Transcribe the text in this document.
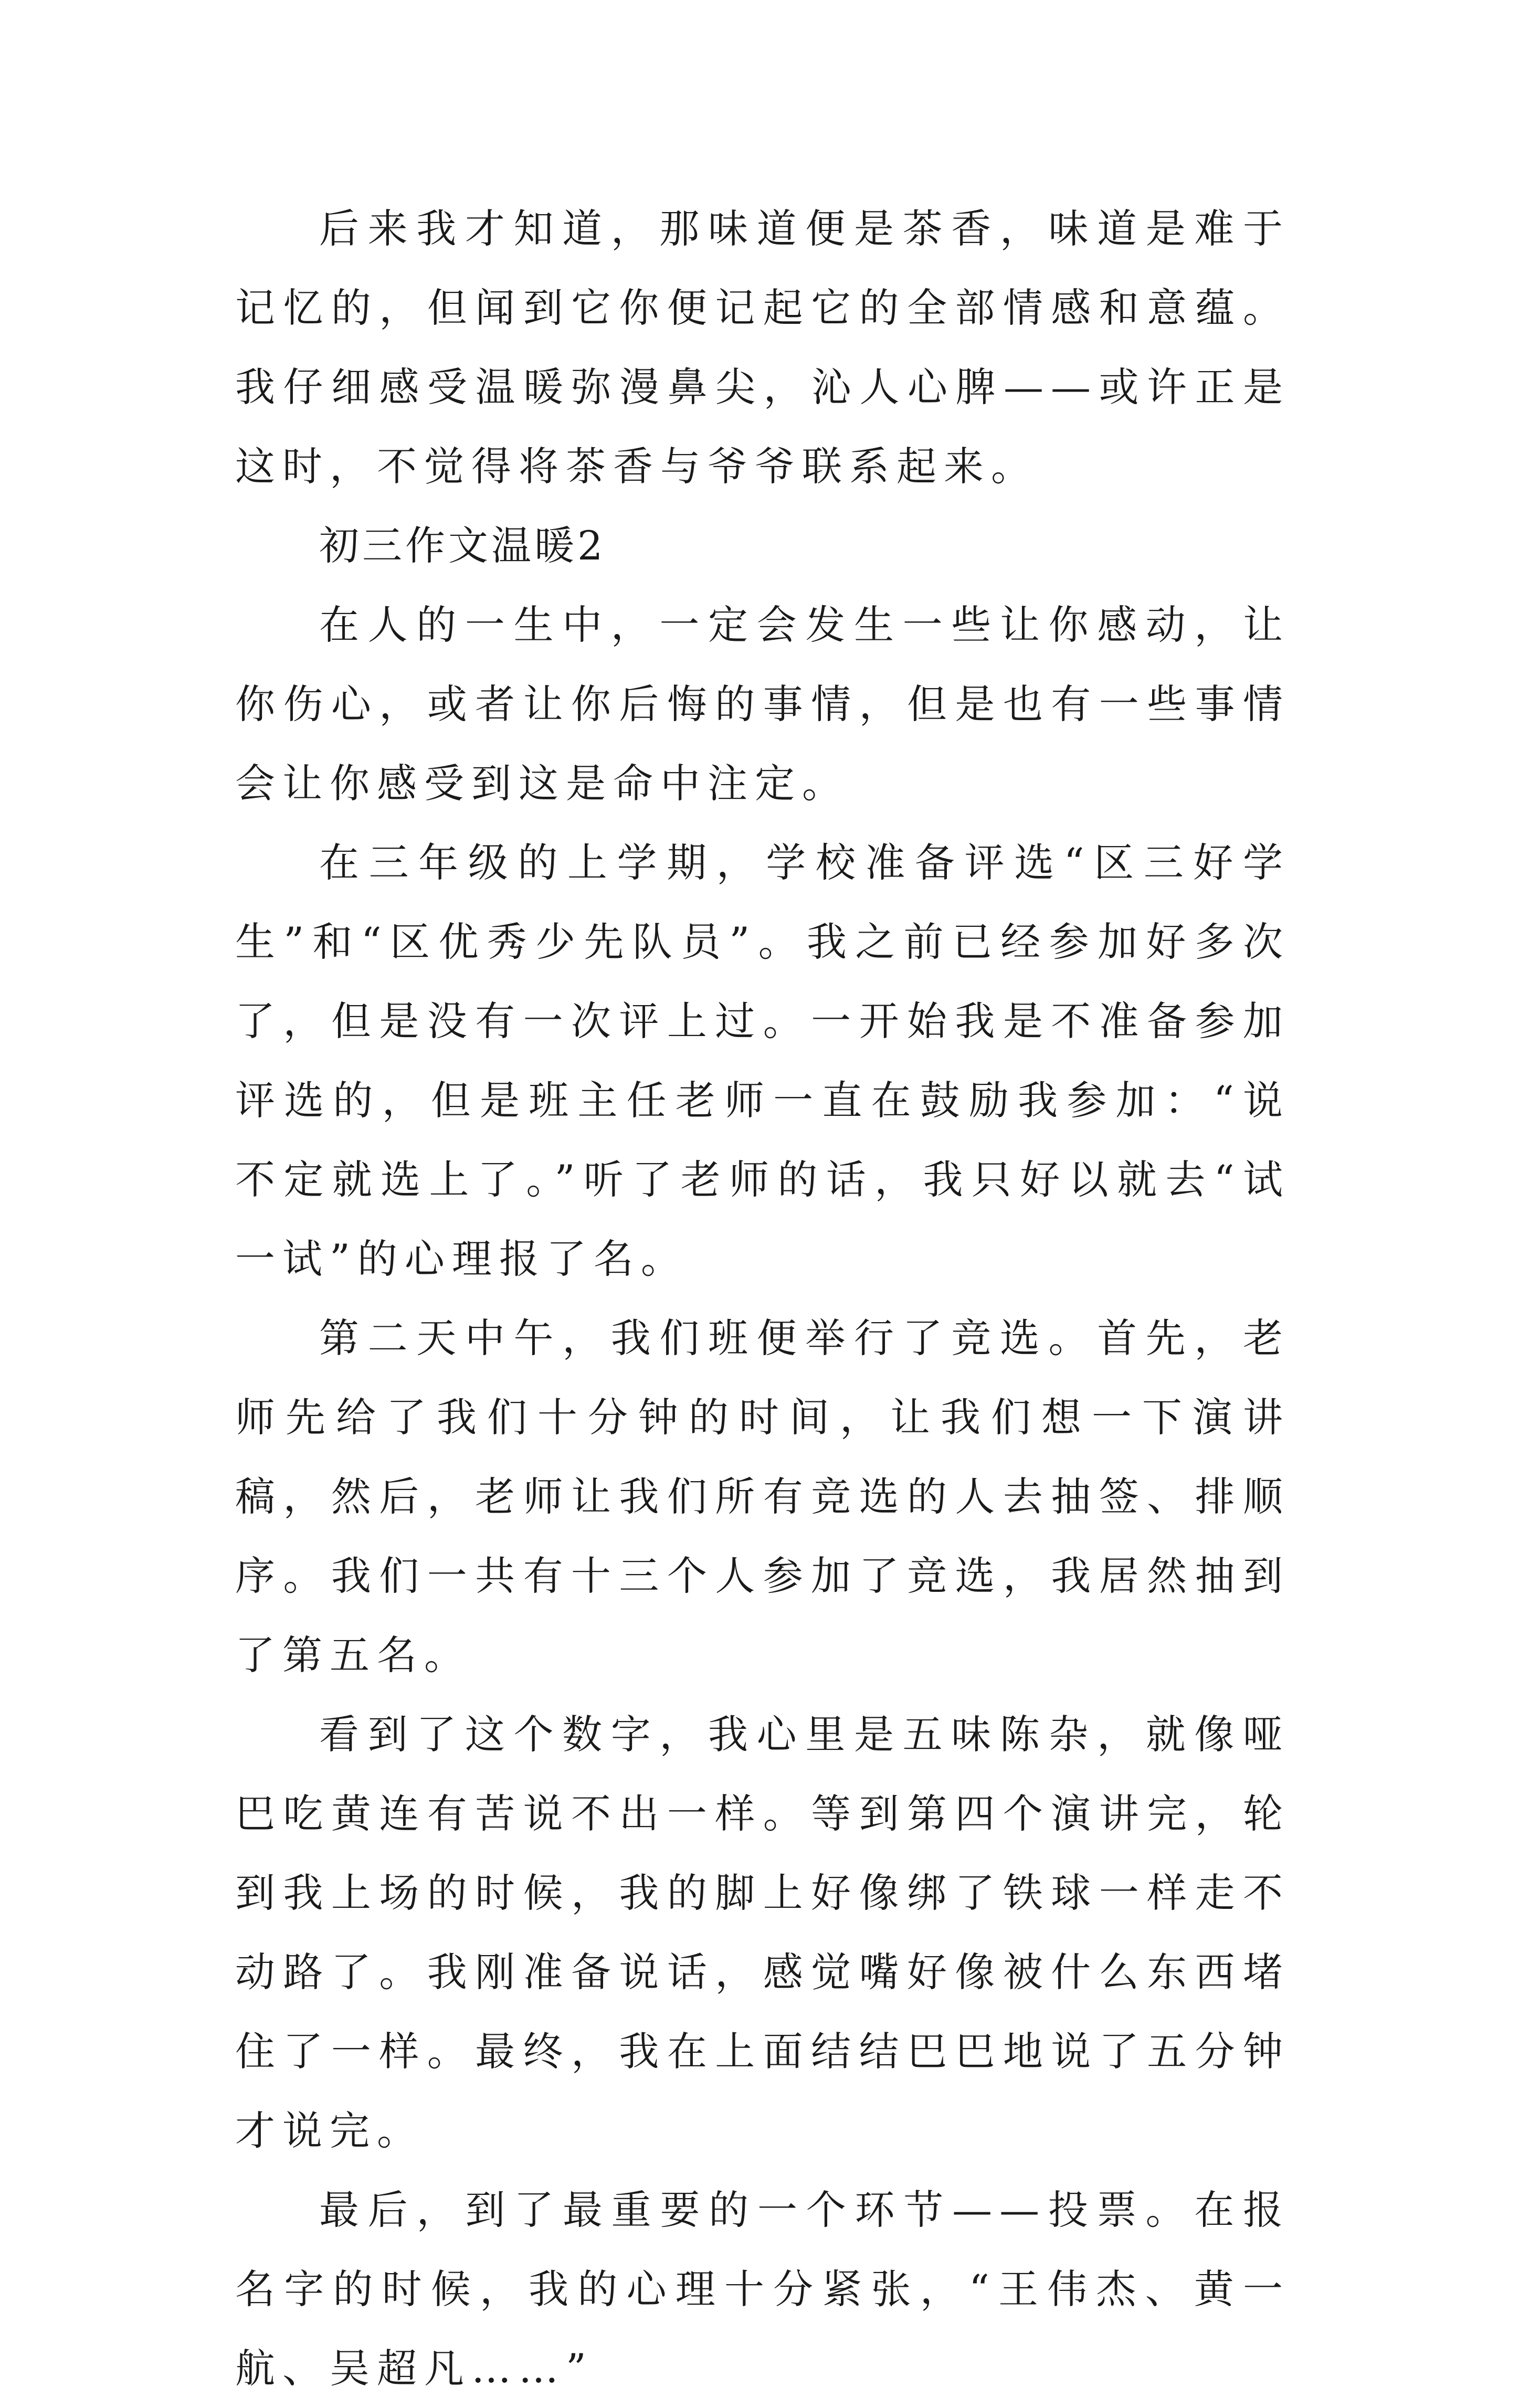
后来我才知道，那味道便是茶香，味道是难于记忆的，但闻到它你便记起它的全部情感和意蕴。我仔细感受温暖弥漫鼻尖，沁人心脾——或许正是这时，不觉得将茶香与爷爷联系起来。

初三作文温暖2

在人的一生中，一定会发生一些让你感动，让你伤心，或者让你后悔的事情，但是也有一些事情会让你感受到这是命中注定。

在三年级的上学期，学校准备评选“区三好学生”和“区优秀少先队员”。我之前已经参加好多次了，但是没有一次评上过。一开始我是不准备参加评选的，但是班主任老师一直在鼓励我参加：“说不定就选上了。”听了老师的话，我只好以就去“试一试”的心理报了名。

第二天中午，我们班便举行了竞选。首先，老师先给了我们十分钟的时间，让我们想一下演讲稿，然后，老师让我们所有竞选的人去抽签、排顺序。我们一共有十三个人参加了竞选，我居然抽到了第五名。

看到了这个数字，我心里是五味陈杂，就像哑巴吃黄连有苦说不出一样。等到第四个演讲完，轮到我上场的时候，我的脚上好像绑了铁球一样走不动路了。我刚准备说话，感觉嘴好像被什么东西堵住了一样。最终，我在上面结结巴巴地说了五分钟才说完。

最后，到了最重要的一个环节——投票。在报名字的时候，我的心理十分紧张，“王伟杰、黄一航、吴超凡……”
